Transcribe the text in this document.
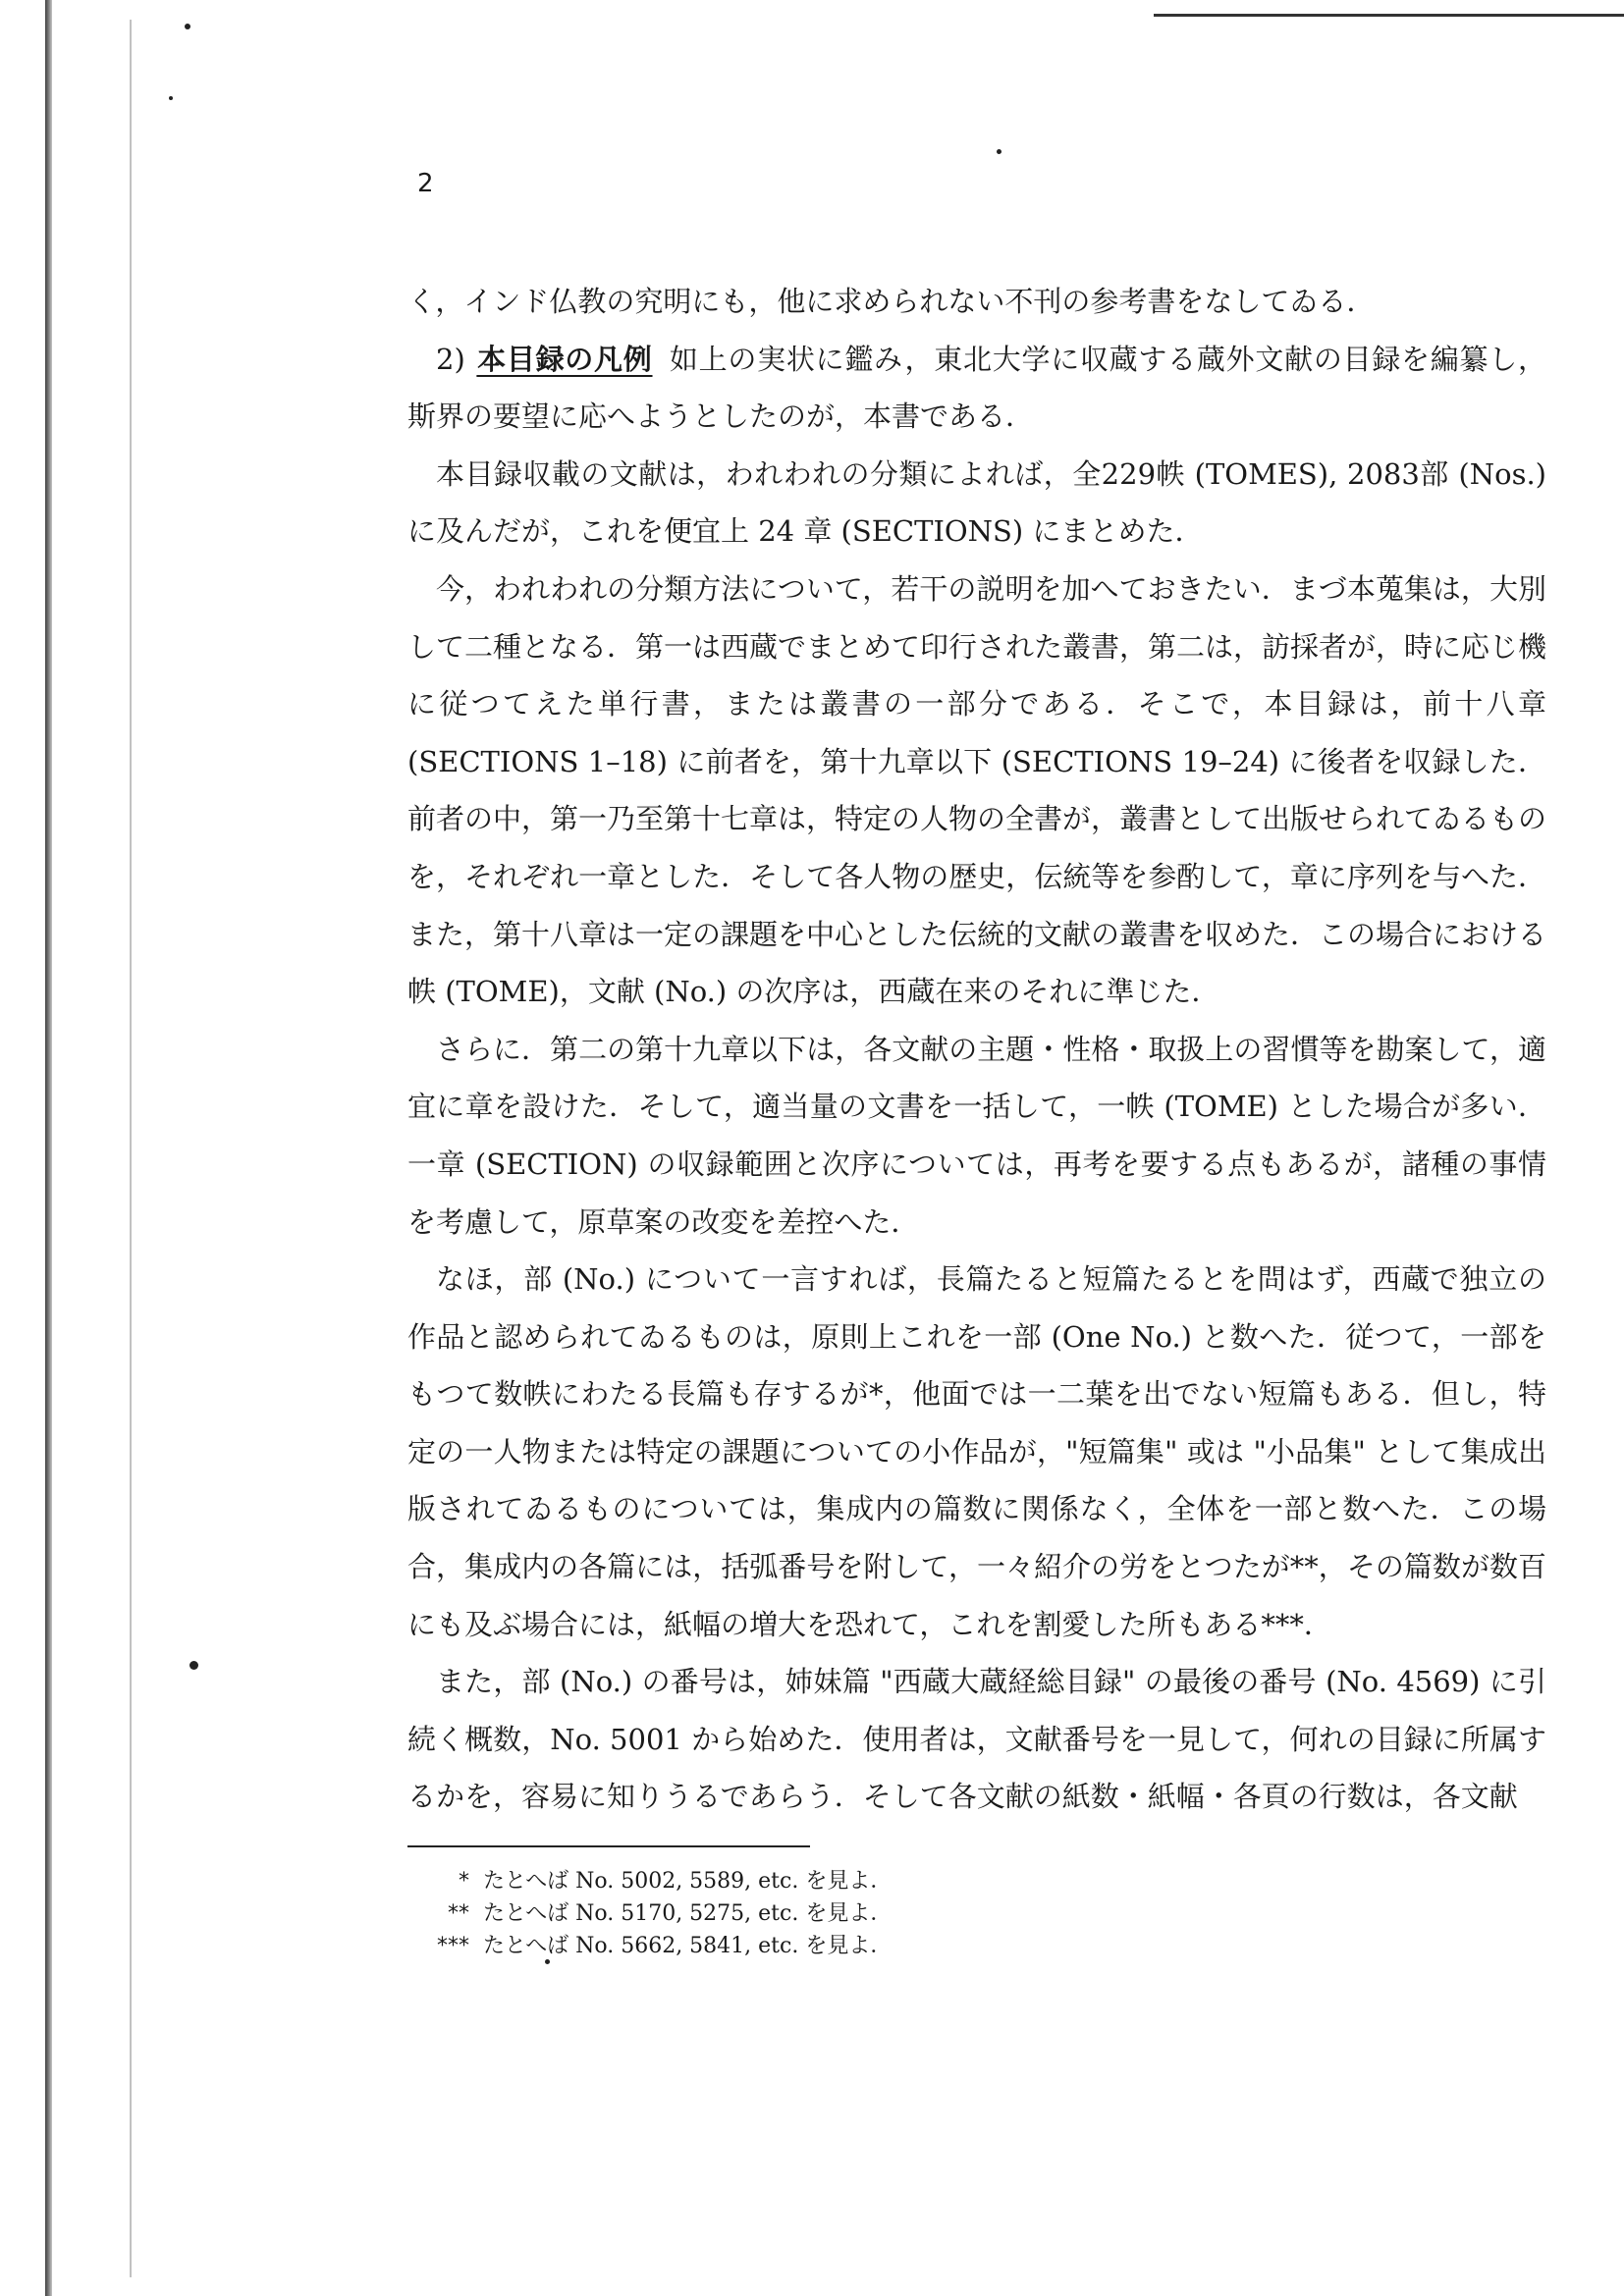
2

く，インド仏教の究明にも，他に求められない不刊の参考書をなしてゐる．

2) 本目録の凡例 如上の実状に鑑み，東北大学に収蔵する蔵外文献の目録を編纂し，斯界の要望に応へようとしたのが，本書である．

本目録収載の文献は，われわれの分類によれば，全229帙 (TOMES), 2083部 (Nos.) に及んだが，これを便宜上 24 章 (SECTIONS) にまとめた．

今，われわれの分類方法について，若干の説明を加へておきたい．まづ本蒐集は，大別して二種となる．第一は西蔵でまとめて印行された叢書，第二は，訪採者が，時に応じ機に従つてえた単行書，または叢書の一部分である．そこで，本目録は，前十八章 (SECTIONS 1–18) に前者を，第十九章以下 (SECTIONS 19–24) に後者を収録した．前者の中，第一乃至第十七章は，特定の人物の全書が，叢書として出版せられてゐるものを，それぞれ一章とした．そして各人物の歴史，伝統等を参酌して，章に序列を与へた．また，第十八章は一定の課題を中心とした伝統的文献の叢書を収めた．この場合における帙 (TOME)，文献 (No.) の次序は，西蔵在来のそれに準じた．

さらに．第二の第十九章以下は，各文献の主題・性格・取扱上の習慣等を勘案して，適宜に章を設けた．そして，適当量の文書を一括して，一帙 (TOME) とした場合が多い．一章 (SECTION) の収録範囲と次序については，再考を要する点もあるが，諸種の事情を考慮して，原草案の改変を差控へた．

なほ，部 (No.) について一言すれば，長篇たると短篇たるとを問はず，西蔵で独立の作品と認められてゐるものは，原則上これを一部 (One No.) と数へた．従つて，一部をもつて数帙にわたる長篇も存するが*，他面では一二葉を出でない短篇もある．但し，特定の一人物または特定の課題についての小作品が，"短篇集" 或は "小品集" として集成出版されてゐるものについては，集成内の篇数に関係なく，全体を一部と数へた．この場合，集成内の各篇には，括弧番号を附して，一々紹介の労をとつたが**，その篇数が数百にも及ぶ場合には，紙幅の増大を恐れて，これを割愛した所もある***．

また，部 (No.) の番号は，姉妹篇 "西蔵大蔵経総目録" の最後の番号 (No. 4569) に引続く概数，No. 5001 から始めた．使用者は，文献番号を一見して，何れの目録に所属するかを，容易に知りうるであらう．そして各文献の紙数・紙幅・各頁の行数は，各文献

* たとへば No. 5002, 5589, etc. を見よ．
** たとへば No. 5170, 5275, etc. を見よ．
*** たとへば No. 5662, 5841, etc. を見よ．
